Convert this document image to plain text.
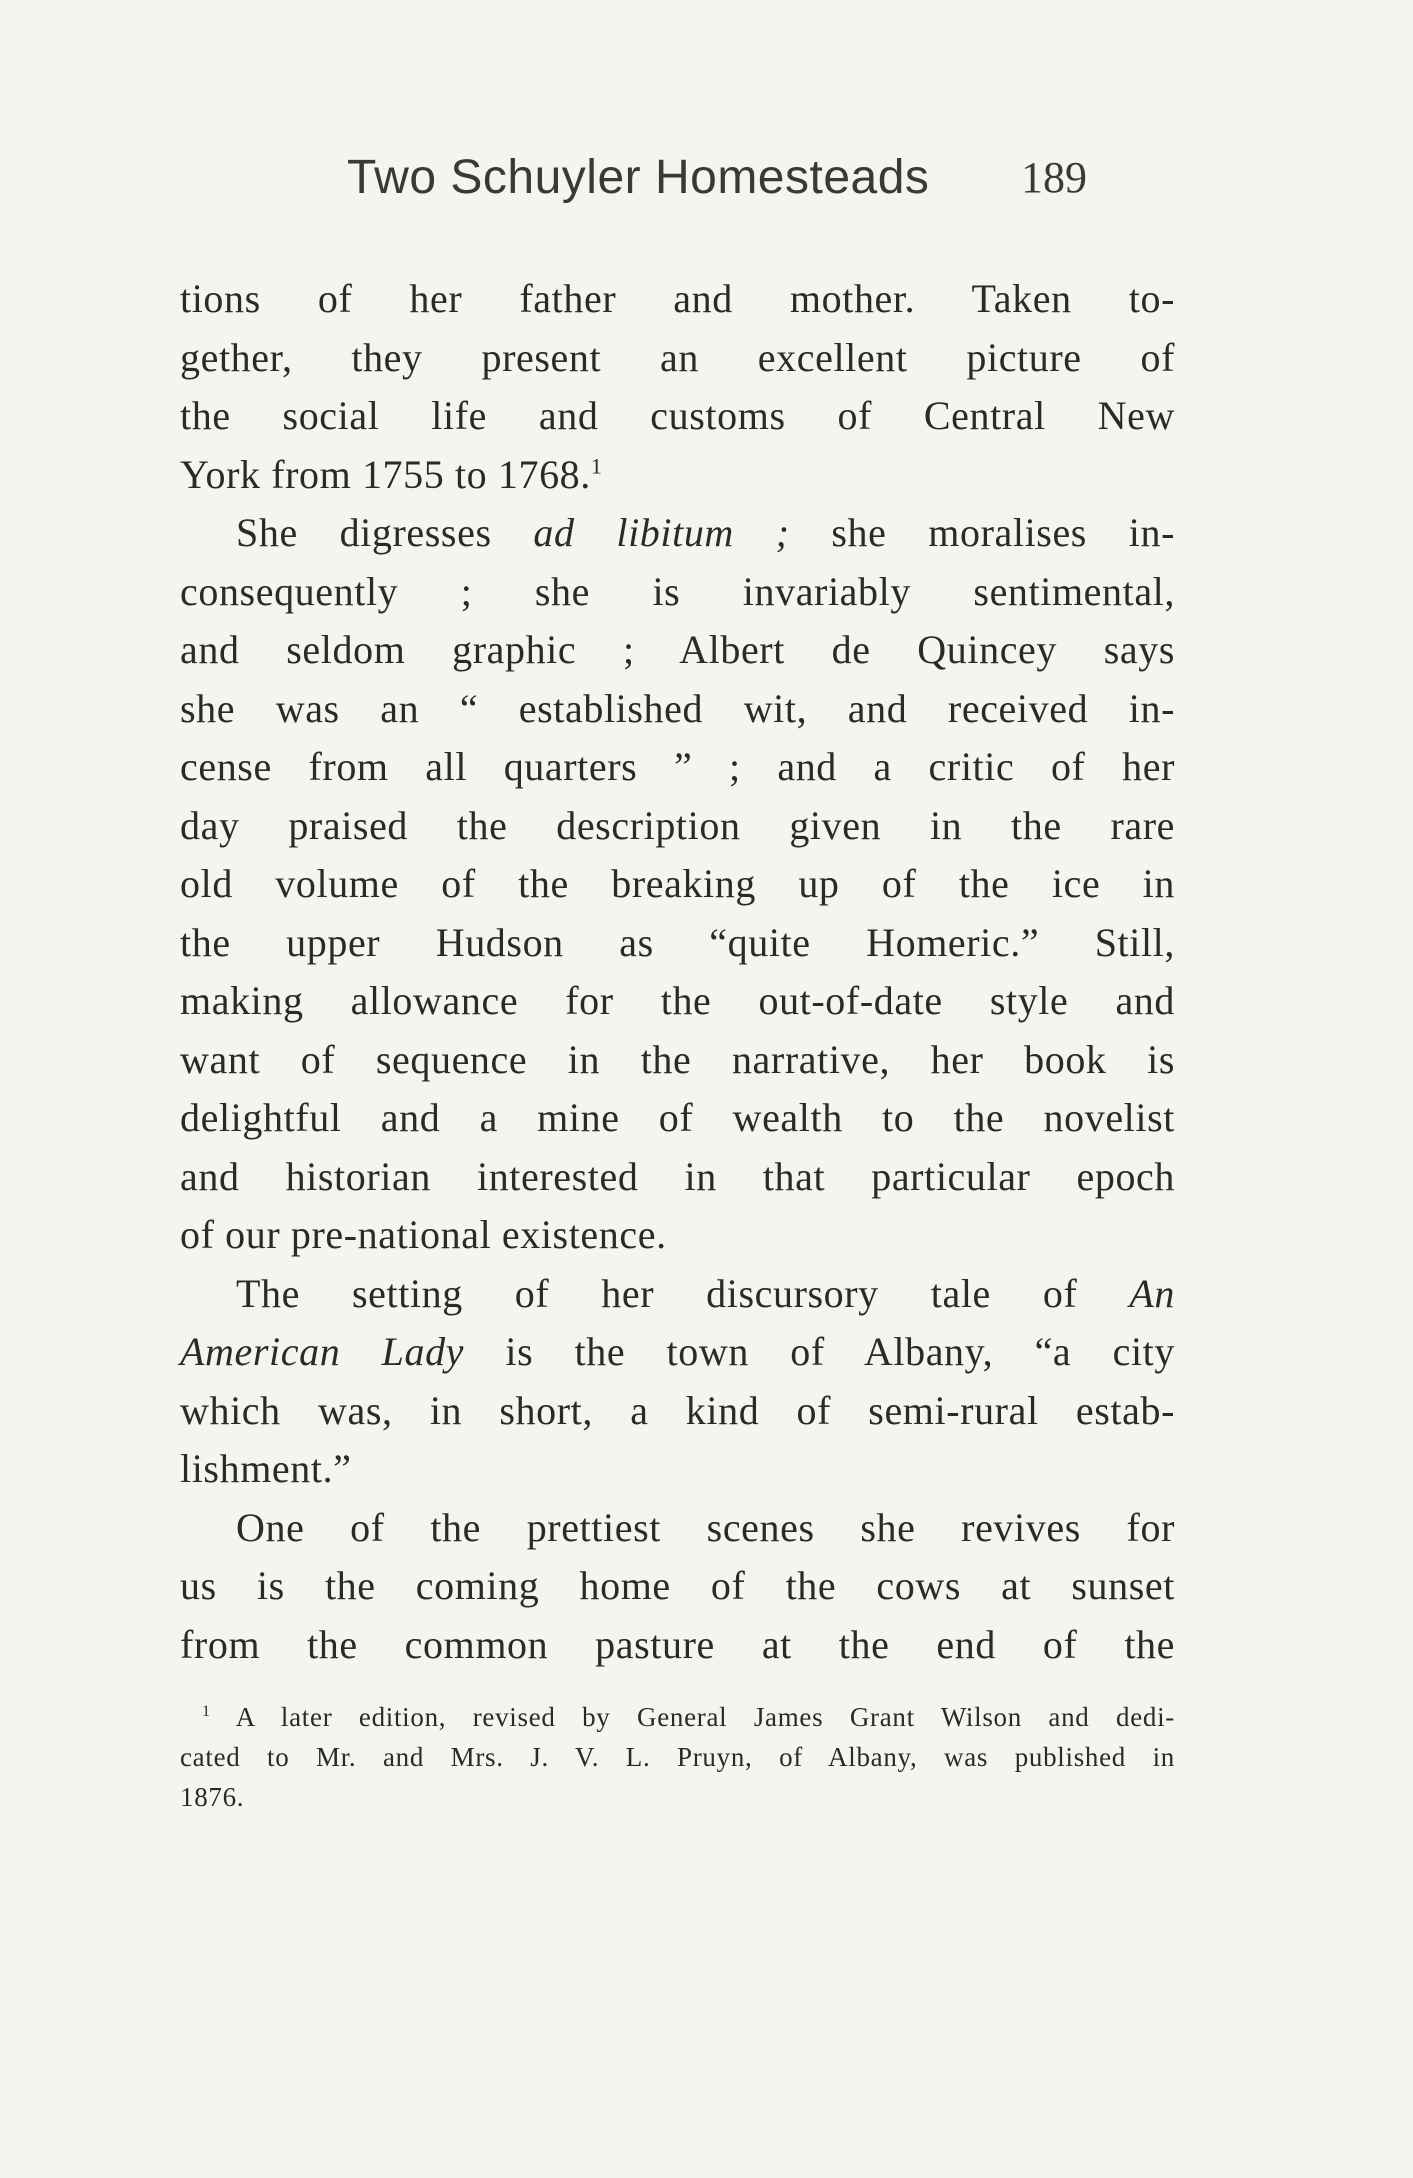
Two Schuyler Homesteads 189
tions of her father and mother. Taken to-
gether, they present an excellent picture of
the social life and customs of Central New
York from 1755 to 1768.$^1$
She digresses ad libitum ; she moralises in-
consequently ; she is invariably sentimental,
and seldom graphic ; Albert de Quincey says
she was an “ established wit, and received in-
cense from all quarters ” ; and a critic of her
day praised the description given in the rare
old volume of the breaking up of the ice in
the upper Hudson as “quite Homeric.” Still,
making allowance for the out-of-date style and
want of sequence in the narrative, her book is
delightful and a mine of wealth to the novelist
and historian interested in that particular epoch
of our pre-national existence.
The setting of her discursory tale of An
American Lady is the town of Albany, “a city
which was, in short, a kind of semi-rural estab-
lishment.”
One of the prettiest scenes she revives for
us is the coming home of the cows at sunset
from the common pasture at the end of the
$^1$ A later edition, revised by General James Grant Wilson and dedi-
cated to Mr. and Mrs. J. V. L. Pruyn, of Albany, was published in
1876.
